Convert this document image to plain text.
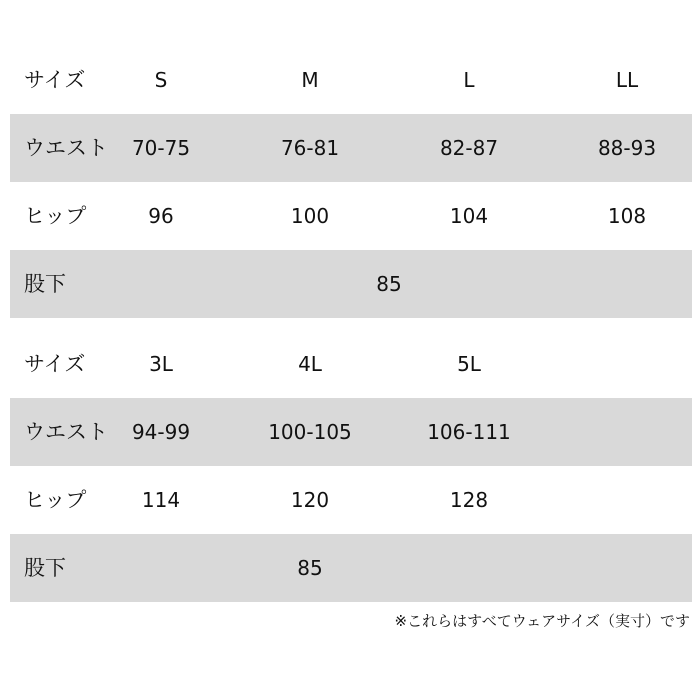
サイズ	S	M	L	LL
ウエスト 70-75	76-81	82-87	88-93
ヒップ	96	100	104	108
股下	85
サイズ	3L	4L	5L
ウエスト 94-99	100-105	106-111
ヒップ	114	120	128
股下	85
※これらはすべてウェアサイズ（実寸）です
